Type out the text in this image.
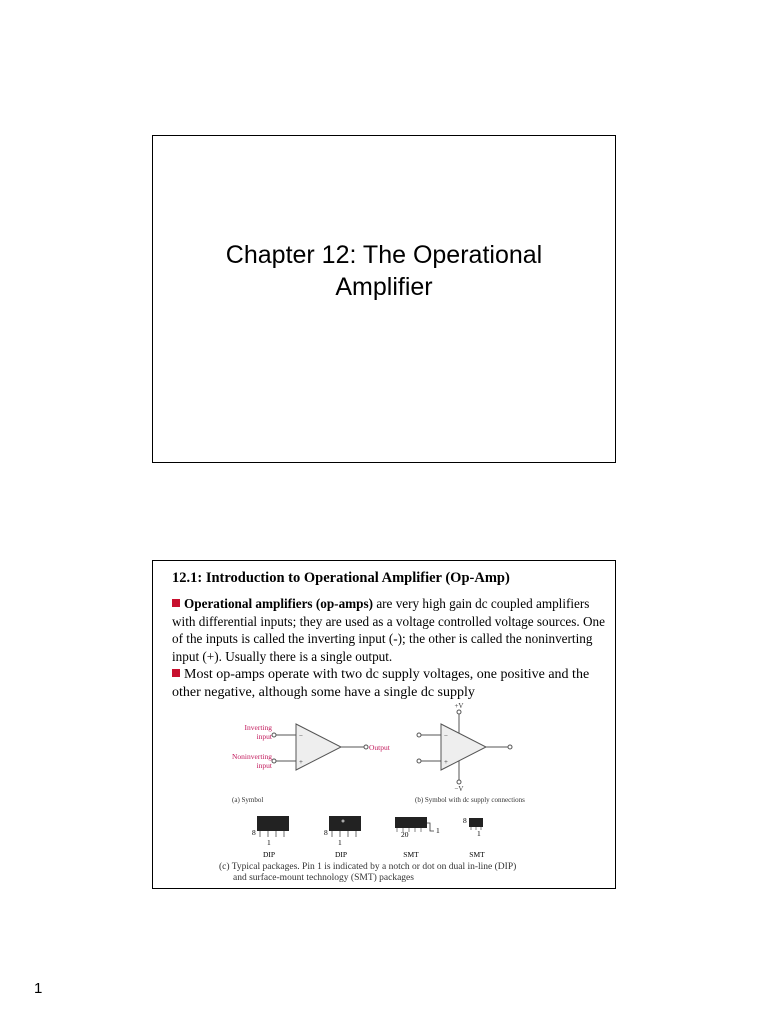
Chapter 12: The Operational
Amplifier
12.1: Introduction to Operational Amplifier (Op-Amp)
Operational amplifiers (op-amps) are very high gain dc coupled amplifiers with differential inputs; they are used as a voltage controlled voltage sources. One of the inputs is called the inverting input (-); the other is called the noninverting input (+). Usually there is a single output.
Most op-amps operate with two dc supply voltages, one positive and the other negative, although some have a single dc supply
Inverting
input
Noninverting
input
Output
−
+
−
+
+V
−V
(a) Symbol	(b) Symbol with dc supply connections
8
1
8
1
20	1
8
1
DIP	DIP	SMT	SMT
(c) Typical packages. Pin 1 is indicated by a notch or dot on dual in-line (DIP)
and surface-mount technology (SMT) packages
1
